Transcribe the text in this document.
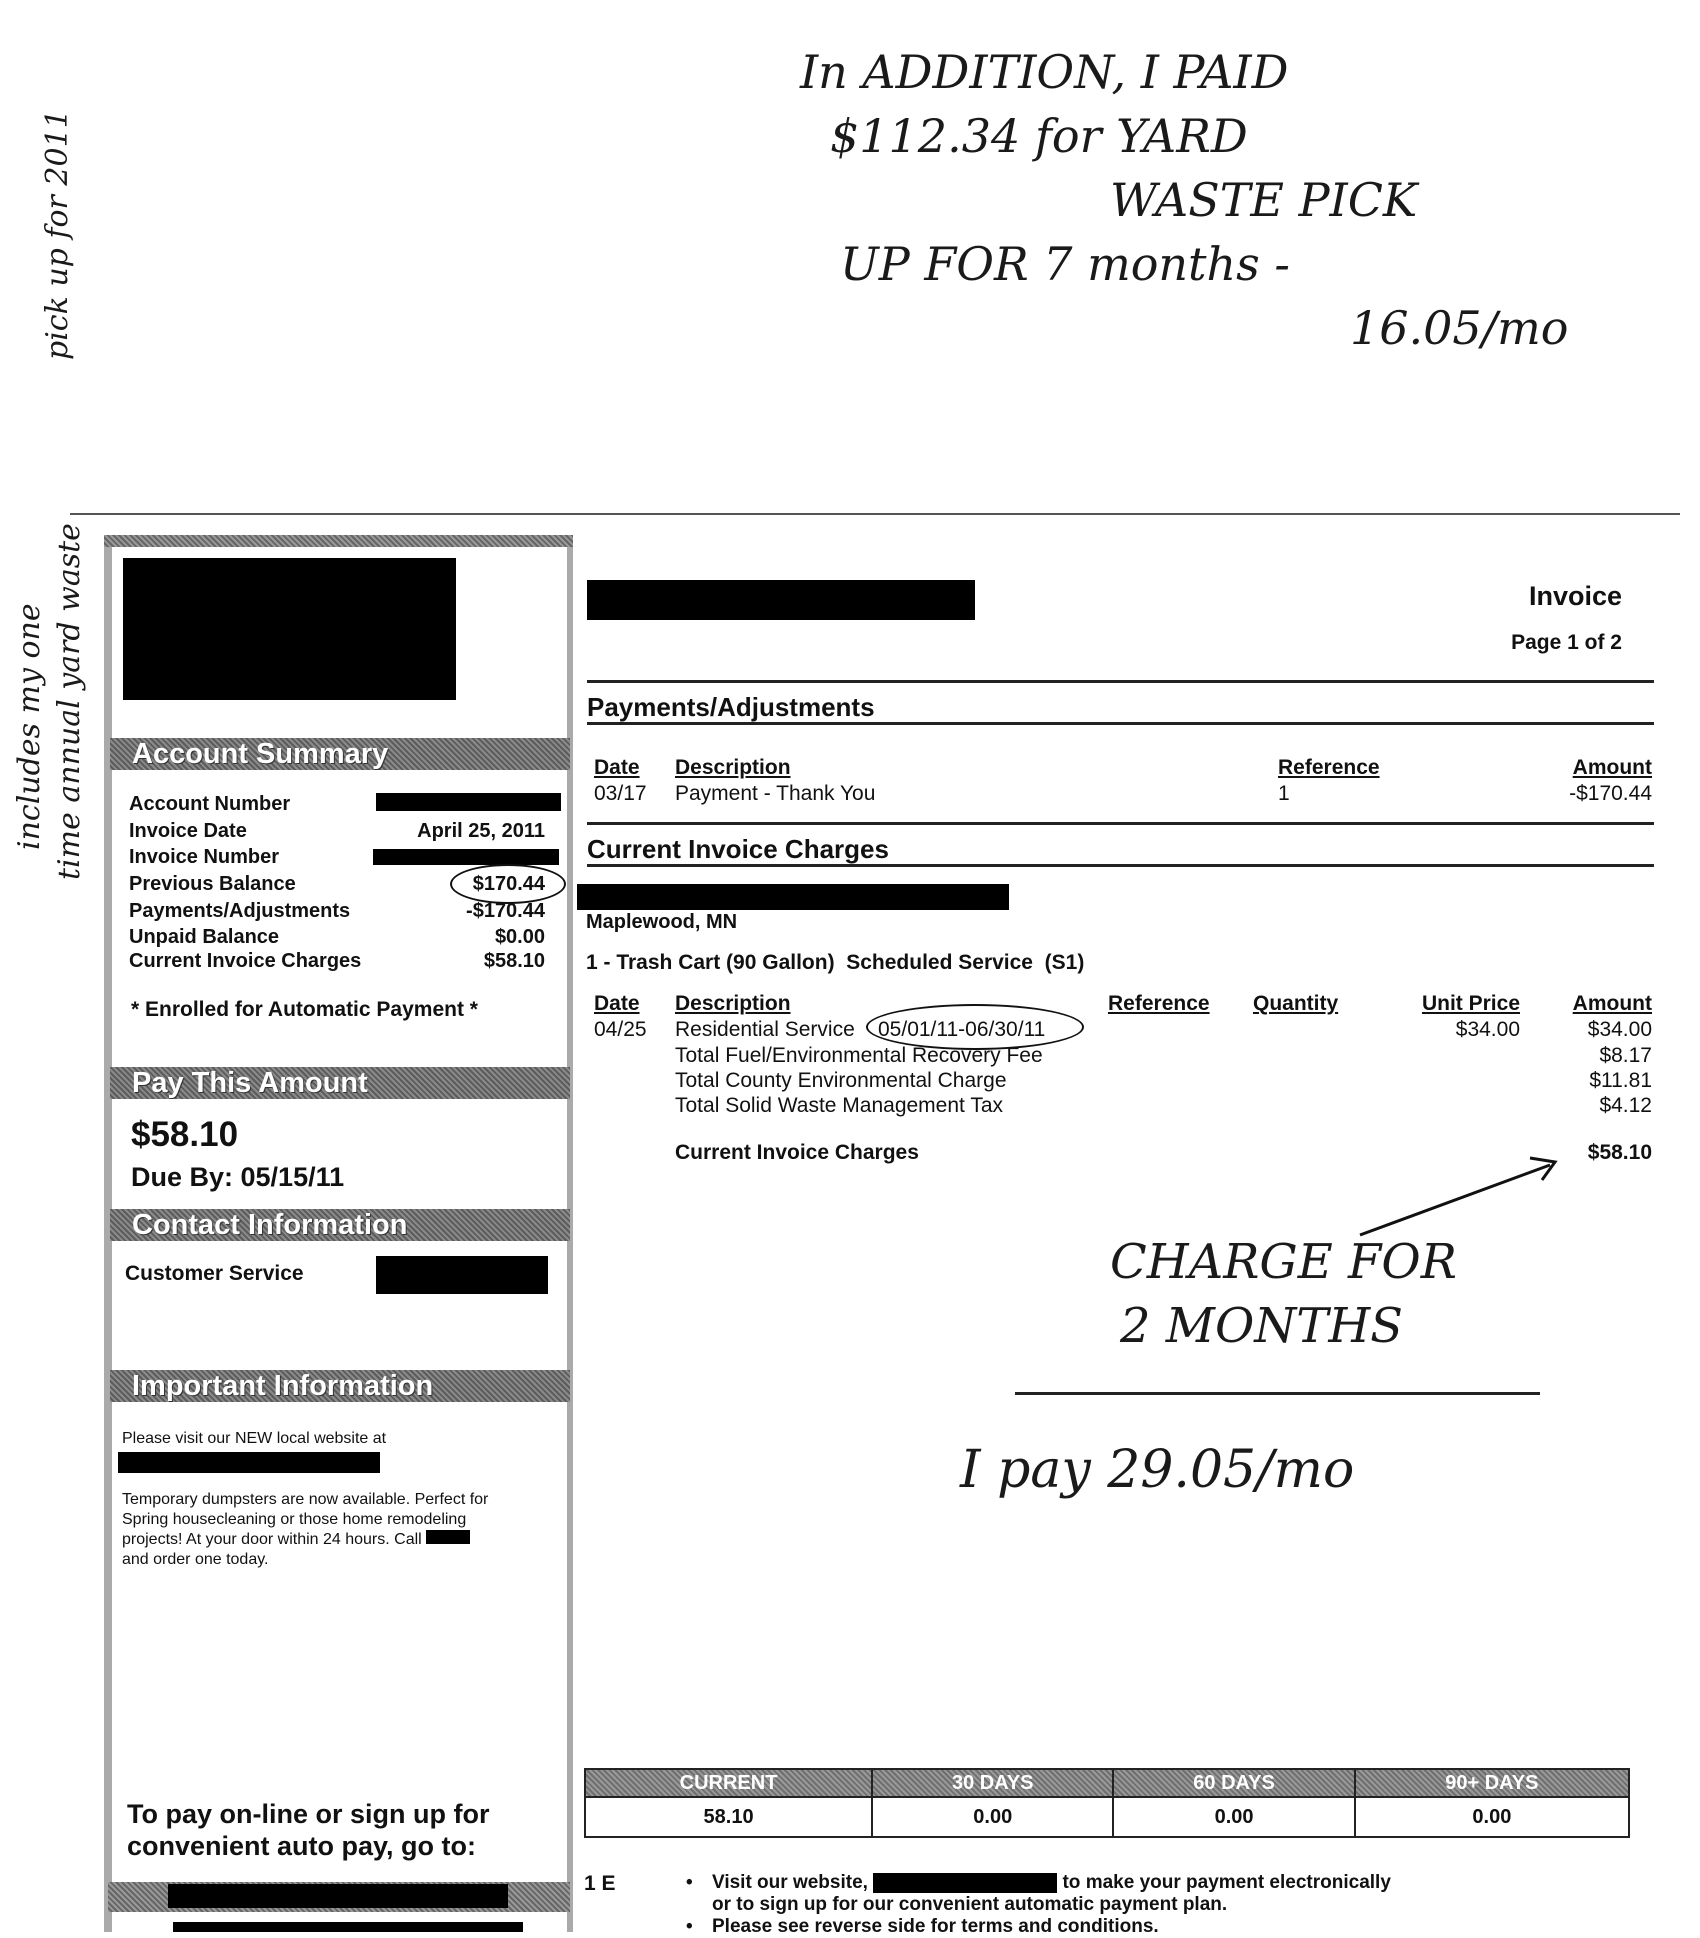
In ADDITION, I PAID
$112.34 for YARD
WASTE PICK
UP FOR 7 months -
16.05/mo
includes my one time annual yard waste
pick up for 2011
CHARGE FOR
2 MONTHS
I pay 29.05/mo
Account Summary
Account Number
Invoice Date	April 25, 2011
Invoice Number
Previous Balance	$170.44
Payments/Adjustments	-$170.44
Unpaid Balance	$0.00
Current Invoice Charges	$58.10
* Enrolled for Automatic Payment *
Pay This Amount
$58.10
Due By: 05/15/11
Contact Information
Customer Service
Important Information
Please visit our NEW local website at
Temporary dumpsters are now available. Perfect for
Spring housecleaning or those home remodeling
projects! At your door within 24 hours. Call
and order one today.
To pay on-line or sign up for
convenient auto pay, go to:
Invoice
Page 1 of 2
Payments/Adjustments
Date Description	Reference	Amount
03/17 Payment - Thank You	1	-$170.44
Current Invoice Charges
Maplewood, MN
1 - Trash Cart (90 Gallon)  Scheduled Service  (S1)
Date Description	Reference Quantity	Unit Price	Amount
04/25 Residential Service 05/01/11-06/30/11	$34.00	$34.00
Total Fuel/Environmental Recovery Fee	$8.17
Total County Environmental Charge	$11.81
Total Solid Waste Management Tax	$4.12
Current Invoice Charges	$58.10
CURRENT	30 DAYS	60 DAYS	90+ DAYS
58.10	0.00	0.00	0.00
1 E	• Visit our website,	to make your payment electronically
or to sign up for our convenient automatic payment plan.
• Please see reverse side for terms and conditions.
